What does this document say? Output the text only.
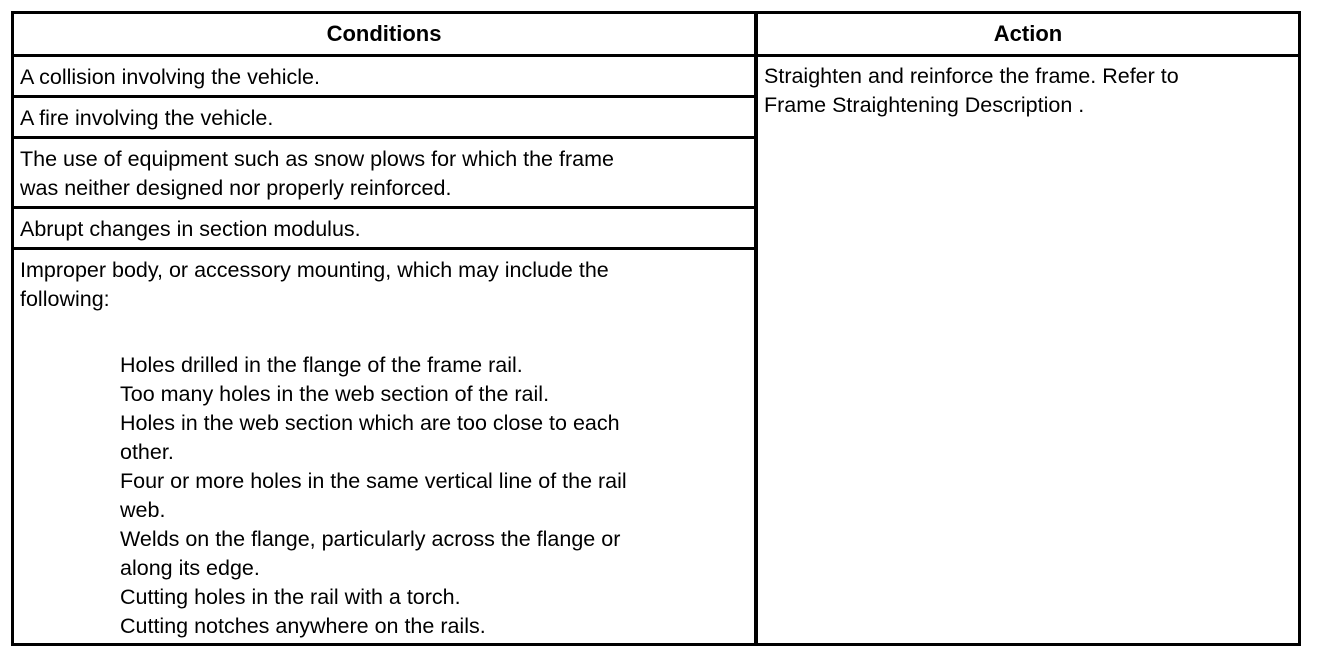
Conditions	Action
A collision involving the vehicle.
A fire involving the vehicle.
The use of equipment such as snow plows for which the frame
was neither designed nor properly reinforced.
Abrupt changes in section modulus.
Improper body, or accessory mounting, which may include the
following:
Holes drilled in the flange of the frame rail.
Too many holes in the web section of the rail.
Holes in the web section which are too close to each
other.
Four or more holes in the same vertical line of the rail
web.
Welds on the flange, particularly across the flange or
along its edge.
Cutting holes in the rail with a torch.
Cutting notches anywhere on the rails.
Straighten and reinforce the frame. Refer to
Frame Straightening Description .
